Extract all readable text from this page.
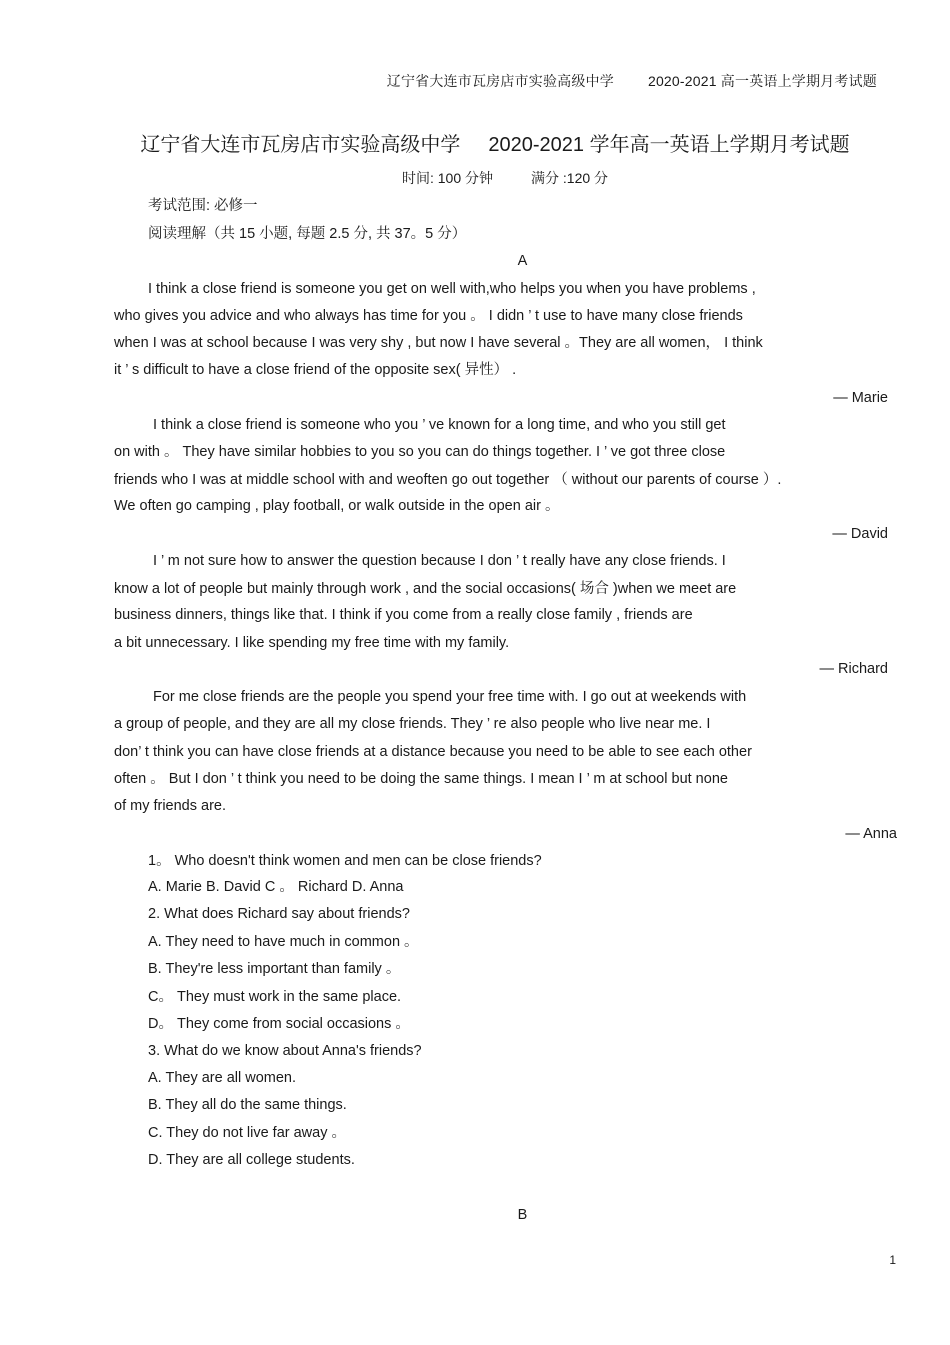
辽宁省大连市瓦房店市实验高级中学 2020-2021 高一英语上学期月考试题
辽宁省大连市瓦房店市实验高级中学 2020-2021 学年高一英语上学期月考试题
时间: 100 分钟	满分 :120 分
考试范围: 必修一
阅读理解（共 15 小题, 每题 2.5 分, 共 37。5 分）
A
I think a close friend is someone you get on well with,who helps you when you have problems ,
who gives you advice and who always has time for you 。 I didn ’ t use to have many close friends
when I was at school because I was very shy , but now I have several 。They are all women， I think
it ’ s difficult to have a close friend of the opposite sex( 异性） .
— Marie
I think a close friend is someone who you ’ ve known for a long time, and who you still get
on with 。 They have similar hobbies to you so you can do things together. I ’ ve got three close
friends who I was at middle school with and weoften go out together （ without our parents of course ）.
We often go camping , play football, or walk outside in the open air 。
— David
I ’ m not sure how to answer the question because I don ’ t really have any close friends. I
know a lot of people but mainly through work , and the social occasions( 场合 )when we meet are
business dinners, things like that. I think if you come from a really close family , friends are
a bit unnecessary. I like spending my free time with my family.
— Richard
For me close friends are the people you spend your free time with. I go out at weekends with
a group of people, and they are all my close friends. They ’ re also people who live near me. I
don’ t think you can have close friends at a distance because you need to be able to see each other
often 。 But I don ’ t think you need to be doing the same things. I mean I ’ m at school but none
of my friends are.
— Anna
1。 Who doesn't think women and men can be close friends?
A. Marie B. David C 。 Richard D. Anna
2. What does Richard say about friends?
A. They need to have much in common 。
B. They're less important than family 。
C。 They must work in the same place.
D。 They come from social occasions 。
3. What do we know about Anna's friends?
A. They are all women.
B. They all do the same things.
C. They do not live far away 。
D. They are all college students.
B
1
